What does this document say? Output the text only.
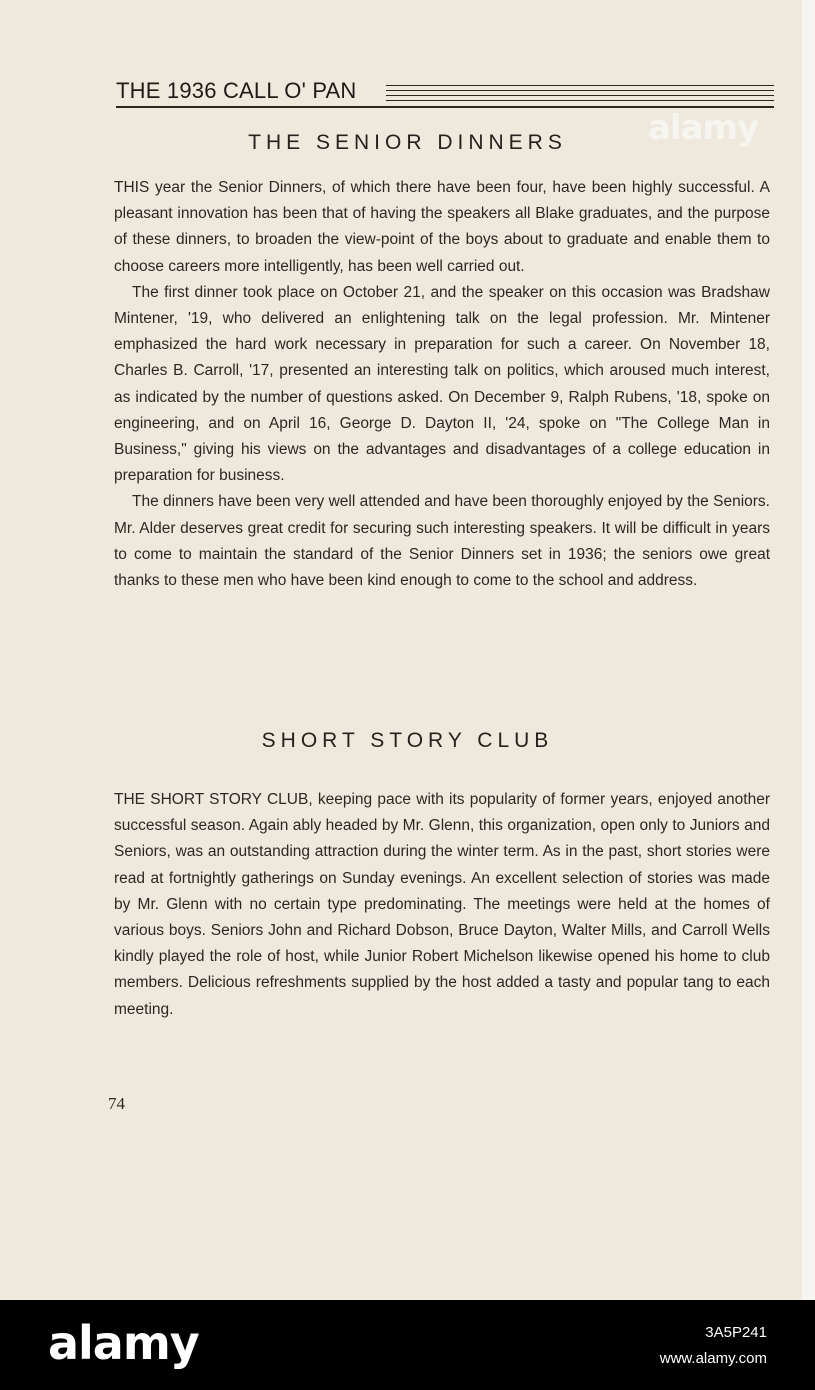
THE 1936 CALL O' PAN
alamy
THE SENIOR DINNERS

THIS year the Senior Dinners, of which there have been four, have been highly successful. A pleasant innovation has been that of having the speakers all Blake graduates, and the purpose of these dinners, to broaden the view-point of the boys about to graduate and enable them to choose careers more intelligently, has been well carried out.

The first dinner took place on October 21, and the speaker on this occasion was Bradshaw Mintener, '19, who delivered an enlightening talk on the legal profession. Mr. Mintener emphasized the hard work necessary in preparation for such a career. On November 18, Charles B. Carroll, '17, presented an interesting talk on politics, which aroused much interest, as indicated by the number of questions asked. On December 9, Ralph Rubens, '18, spoke on engineering, and on April 16, George D. Dayton II, '24, spoke on "The College Man in Business," giving his views on the advantages and disadvantages of a college education in preparation for business.

The dinners have been very well attended and have been thoroughly enjoyed by the Seniors. Mr. Alder deserves great credit for securing such interesting speakers. It will be difficult in years to come to maintain the standard of the Senior Dinners set in 1936; the seniors owe great thanks to these men who have been kind enough to come to the school and address.

SHORT STORY CLUB

THE SHORT STORY CLUB, keeping pace with its popularity of former years, enjoyed another successful season. Again ably headed by Mr. Glenn, this organization, open only to Juniors and Seniors, was an outstanding attraction during the winter term. As in the past, short stories were read at fortnightly gatherings on Sunday evenings. An excellent selection of stories was made by Mr. Glenn with no certain type predominating. The meetings were held at the homes of various boys. Seniors John and Richard Dobson, Bruce Dayton, Walter Mills, and Carroll Wells kindly played the role of host, while Junior Robert Michelson likewise opened his home to club members. Delicious refreshments supplied by the host added a tasty and popular tang to each meeting.

74
alamy	3A5P241
www.alamy.com
